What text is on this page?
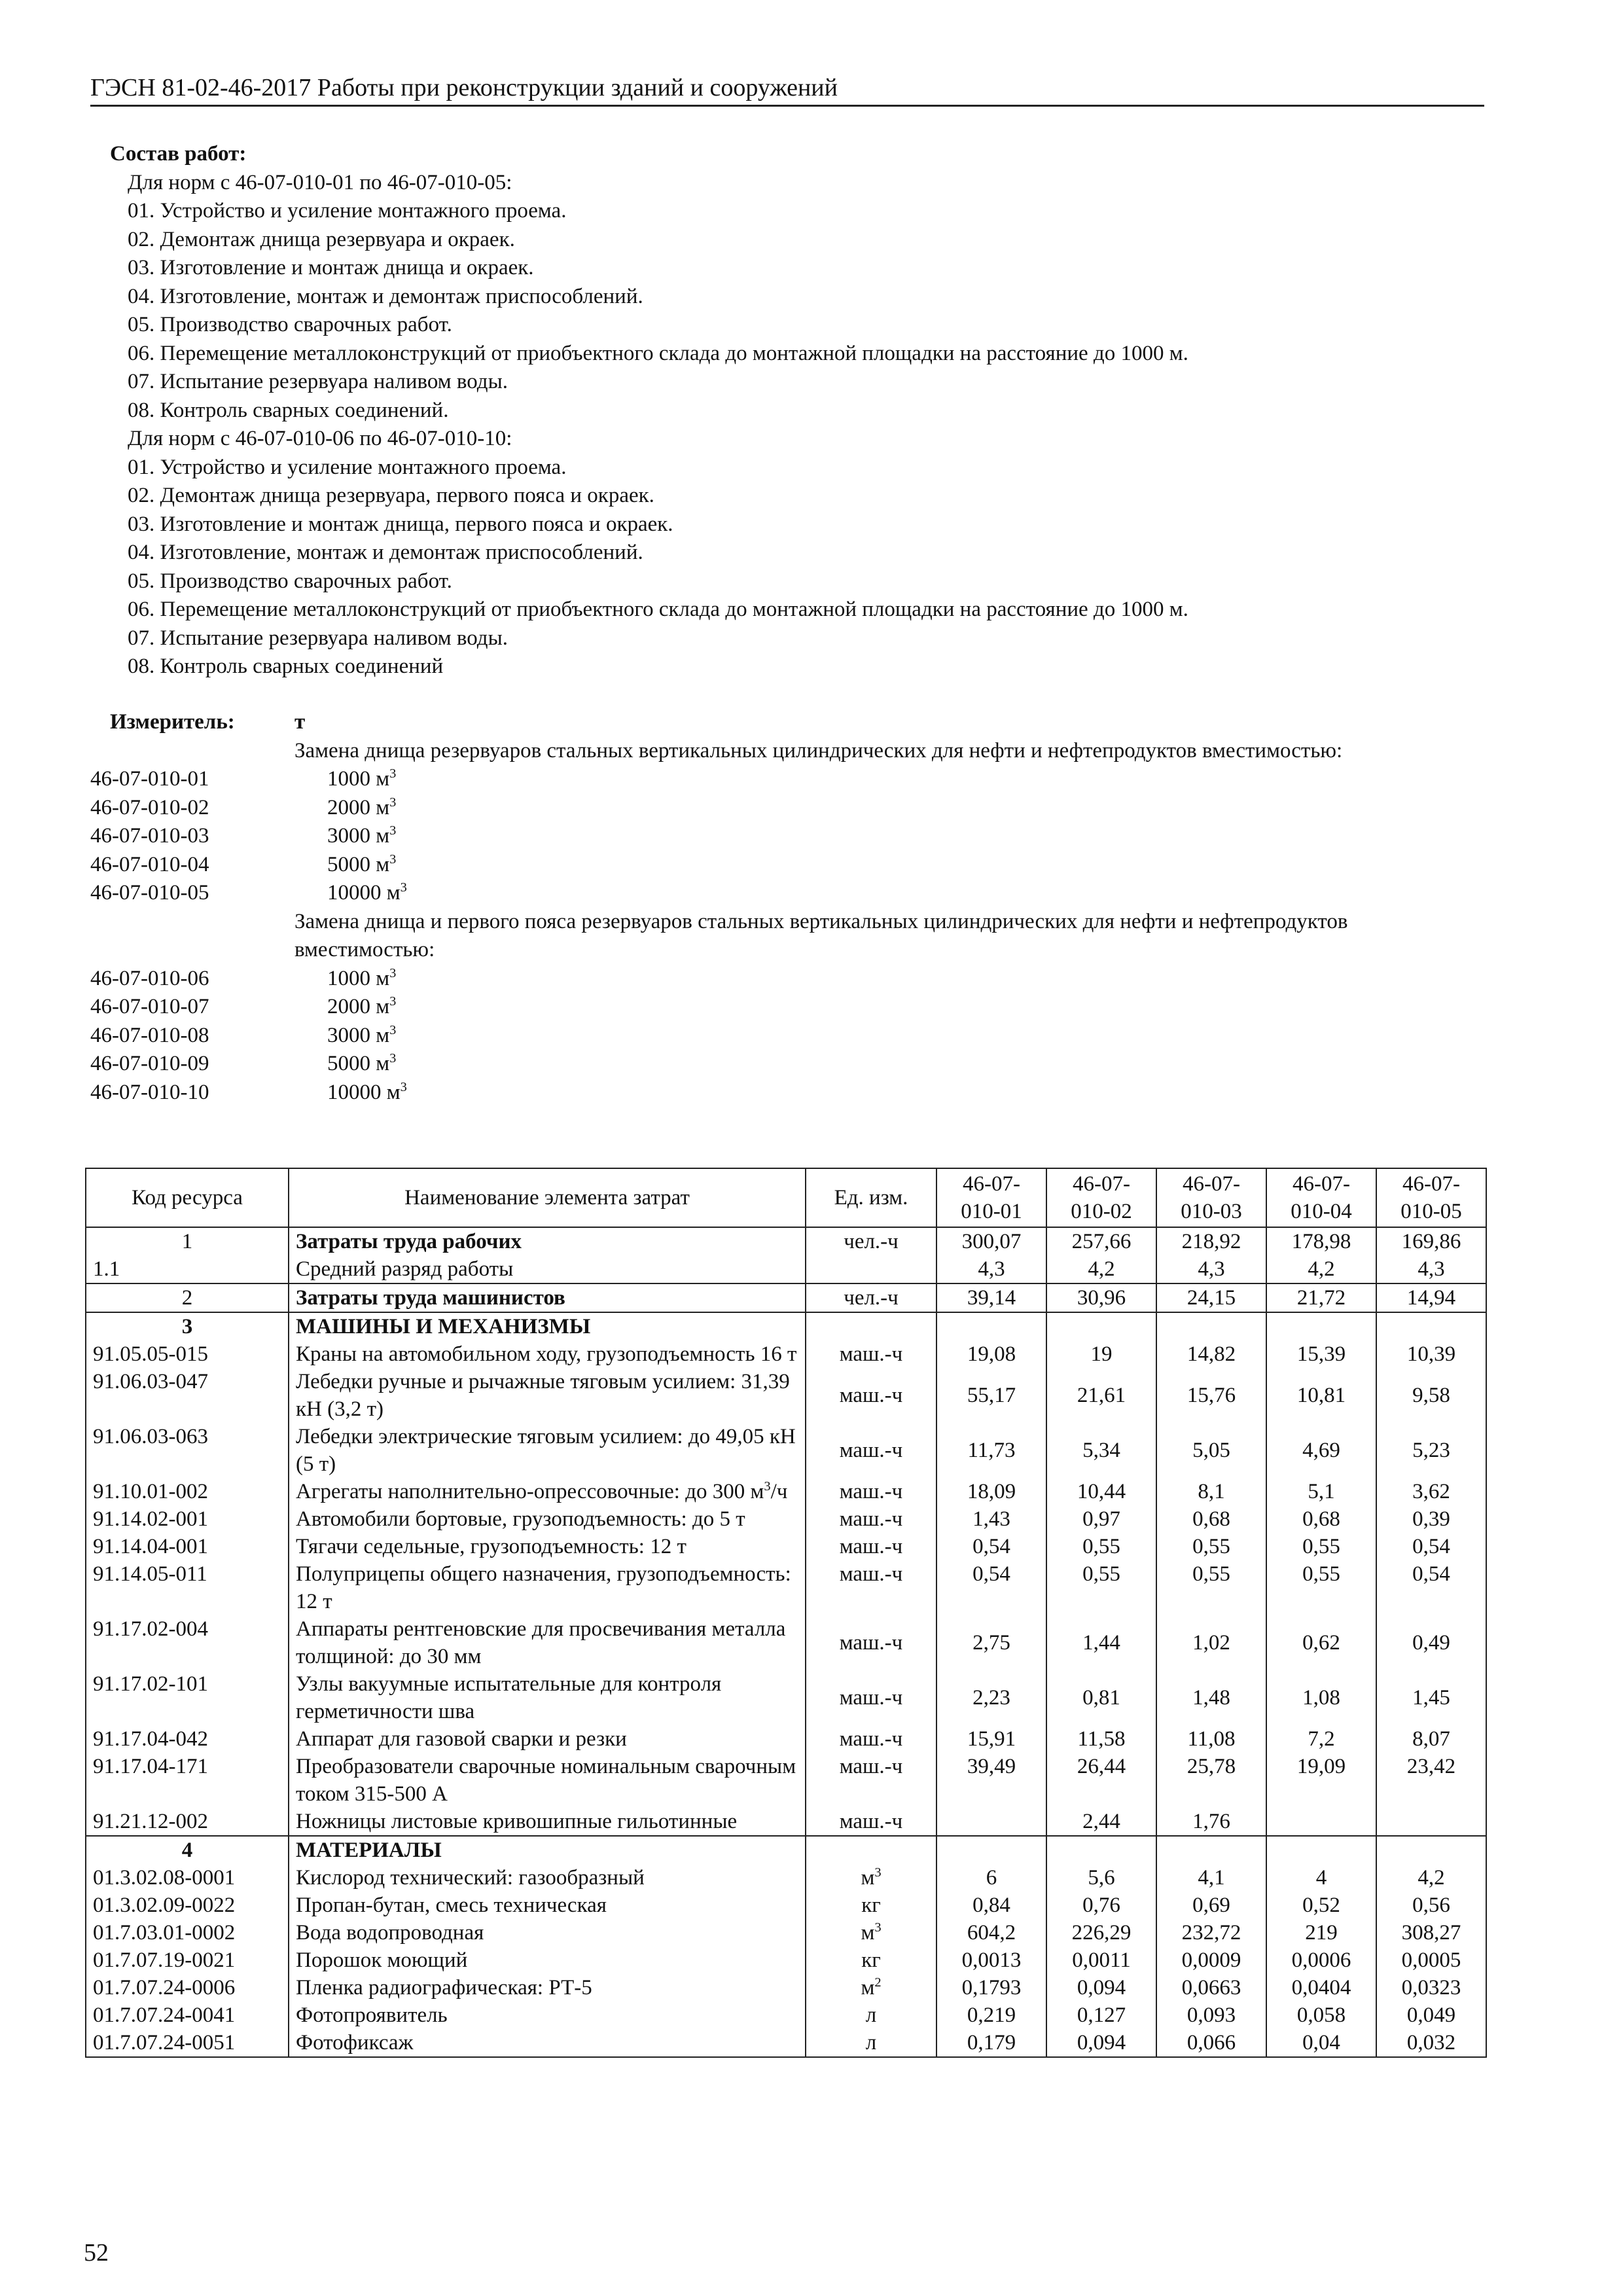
ГЭСН 81-02-46-2017 Работы при реконструкции зданий и сооружений
Состав работ:
Для норм с 46-07-010-01 по 46-07-010-05:
01. Устройство и усиление монтажного проема.
02. Демонтаж днища резервуара и окраек.
03. Изготовление и монтаж днища и окраек.
04. Изготовление, монтаж и демонтаж приспособлений.
05. Производство сварочных работ.
06. Перемещение металлоконструкций от приобъектного склада до монтажной площадки на расстояние до 1000 м.
07. Испытание резервуара наливом воды.
08. Контроль сварных соединений.
Для норм с 46-07-010-06 по 46-07-010-10:
01. Устройство и усиление монтажного проема.
02. Демонтаж днища резервуара, первого пояса и окраек.
03. Изготовление и монтаж днища, первого пояса и окраек.
04. Изготовление, монтаж и демонтаж приспособлений.
05. Производство сварочных работ.
06. Перемещение металлоконструкций от приобъектного склада до монтажной площадки на расстояние до 1000 м.
07. Испытание резервуара наливом воды.
08. Контроль сварных соединений
Измеритель:	т
Замена днища резервуаров стальных вертикальных цилиндрических для нефти и нефтепродуктов вместимостью:
46-07-010-01	1000 $м^3$
46-07-010-02	2000 $м^3$
46-07-010-03	3000 $м^3$
46-07-010-04	5000 $м^3$
46-07-010-05	10000 $м^3$
Замена днища и первого пояса резервуаров стальных вертикальных цилиндрических для нефти и нефтепродуктов вместимостью:
46-07-010-06	1000 $м^3$
46-07-010-07	2000 $м^3$
46-07-010-08	3000 $м^3$
46-07-010-09	5000 $м^3$
46-07-010-10	10000 $м^3$
Код ресурса	Наименование элемента затрат	Ед. изм.	46-07-010-01	46-07-010-02	46-07-010-03	46-07-010-04	46-07-010-05
1	Затраты труда рабочих	чел.-ч	300,07	257,66	218,92	178,98	169,86
1.1	Средний разряд работы		4,3	4,2	4,3	4,2	4,3
2	Затраты труда машинистов	чел.-ч	39,14	30,96	24,15	21,72	14,94
3	МАШИНЫ И МЕХАНИЗМЫ						
91.05.05-015	Краны на автомобильном ходу, грузоподъемность 16 т	маш.-ч	19,08	19	14,82	15,39	10,39
91.06.03-047	Лебедки ручные и рычажные тяговым усилием: 31,39 кН (3,2 т)	маш.-ч	55,17	21,61	15,76	10,81	9,58
91.06.03-063	Лебедки электрические тяговым усилием: до 49,05 кН (5 т)	маш.-ч	11,73	5,34	5,05	4,69	5,23
91.10.01-002	Агрегаты наполнительно-опрессовочные: до 300 $м^3/ч$	маш.-ч	18,09	10,44	8,1	5,1	3,62
91.14.02-001	Автомобили бортовые, грузоподъемность: до 5 т	маш.-ч	1,43	0,97	0,68	0,68	0,39
91.14.04-001	Тягачи седельные, грузоподъемность: 12 т	маш.-ч	0,54	0,55	0,55	0,55	0,54
91.14.05-011	Полуприцепы общего назначения, грузоподъемность: 12 т	маш.-ч	0,54	0,55	0,55	0,55	0,54
91.17.02-004	Аппараты рентгеновские для просвечивания металла толщиной: до 30 мм	маш.-ч	2,75	1,44	1,02	0,62	0,49
91.17.02-101	Узлы вакуумные испытательные для контроля герметичности шва	маш.-ч	2,23	0,81	1,48	1,08	1,45
91.17.04-042	Аппарат для газовой сварки и резки	маш.-ч	15,91	11,58	11,08	7,2	8,07
91.17.04-171	Преобразователи сварочные номинальным сварочным током 315-500 А	маш.-ч	39,49	26,44	25,78	19,09	23,42
91.21.12-002	Ножницы листовые кривошипные гильотинные	маш.-ч		2,44	1,76		
4	МАТЕРИАЛЫ						
01.3.02.08-0001	Кислород технический: газообразный	$м^3$	6	5,6	4,1	4	4,2
01.3.02.09-0022	Пропан-бутан, смесь техническая	кг	0,84	0,76	0,69	0,52	0,56
01.7.03.01-0002	Вода водопроводная	$м^3$	604,2	226,29	232,72	219	308,27
01.7.07.19-0021	Порошок моющий	кг	0,0013	0,0011	0,0009	0,0006	0,0005
01.7.07.24-0006	Пленка радиографическая: РТ-5	$м^2$	0,1793	0,094	0,0663	0,0404	0,0323
01.7.07.24-0041	Фотопроявитель	л	0,219	0,127	0,093	0,058	0,049
01.7.07.24-0051	Фотофиксаж	л	0,179	0,094	0,066	0,04	0,032
52
